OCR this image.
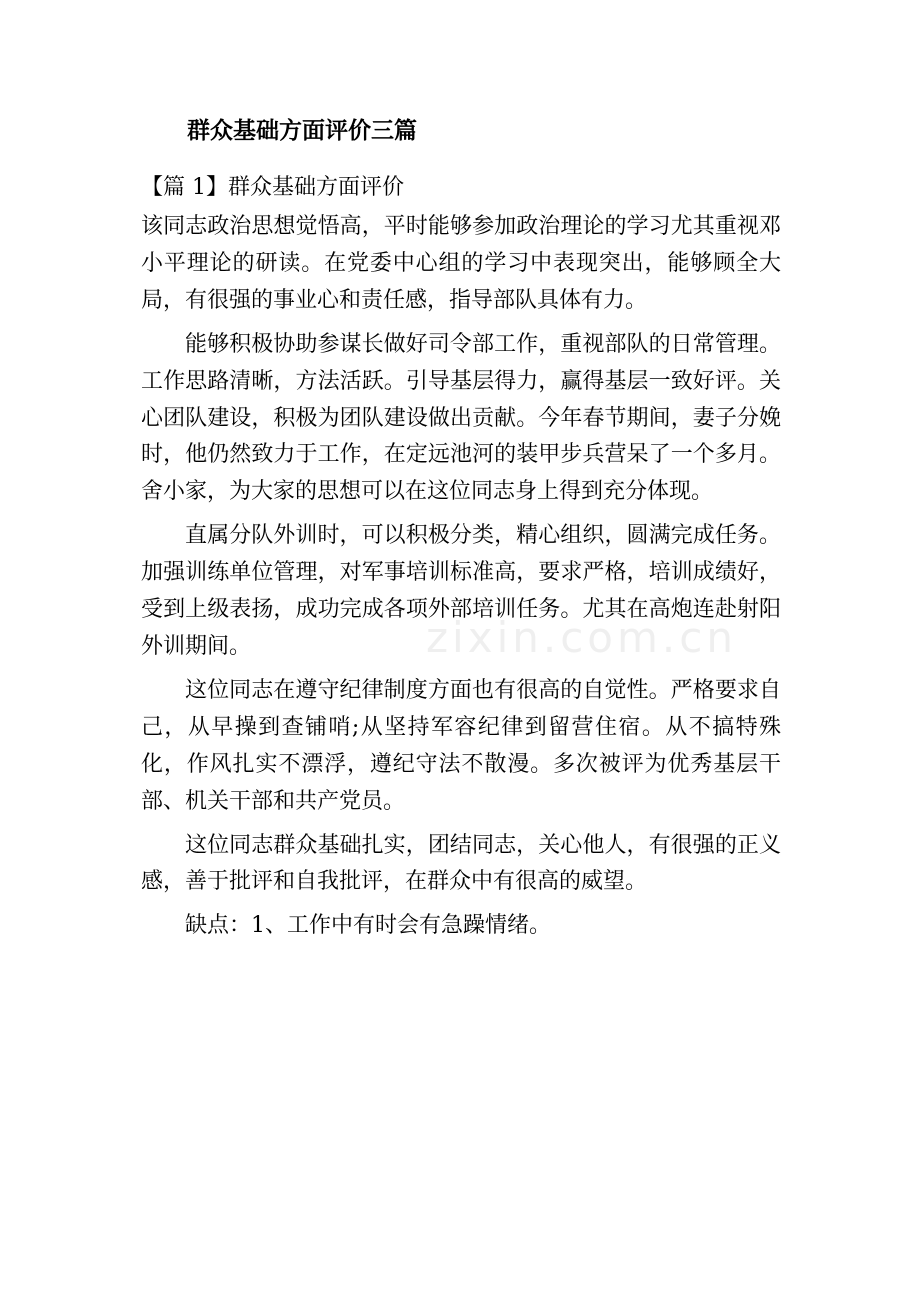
zixin.com.cn
群众基础方面评价三篇
【篇 1】群众基础方面评价

该同志政治思想觉悟高，平时能够参加政治理论的学习尤其重视邓小平理论的研读。在党委中心组的学习中表现突出，能够顾全大局，有很强的事业心和责任感，指导部队具体有力。

能够积极协助参谋长做好司令部工作，重视部队的日常管理。工作思路清晰，方法活跃。引导基层得力，赢得基层一致好评。关心团队建设，积极为团队建设做出贡献。今年春节期间，妻子分娩时，他仍然致力于工作，在定远池河的装甲步兵营呆了一个多月。舍小家，为大家的思想可以在这位同志身上得到充分体现。

直属分队外训时，可以积极分类，精心组织，圆满完成任务。加强训练单位管理，对军事培训标准高，要求严格，培训成绩好，受到上级表扬，成功完成各项外部培训任务。尤其在高炮连赴射阳外训期间。

这位同志在遵守纪律制度方面也有很高的自觉性。严格要求自己，从早操到查铺哨;从坚持军容纪律到留营住宿。从不搞特殊化，作风扎实不漂浮，遵纪守法不散漫。多次被评为优秀基层干部、机关干部和共产党员。

这位同志群众基础扎实，团结同志，关心他人，有很强的正义感，善于批评和自我批评，在群众中有很高的威望。

缺点：1、工作中有时会有急躁情绪。
